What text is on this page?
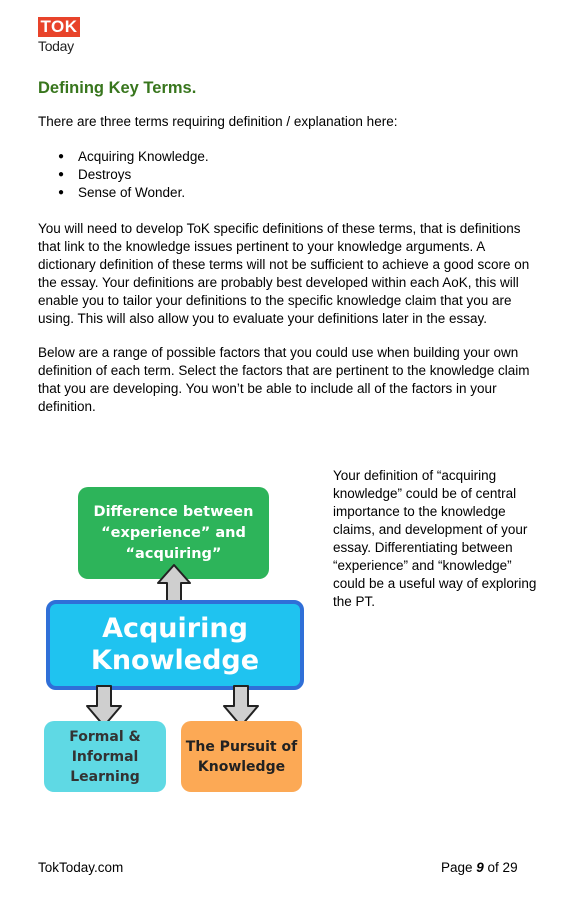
TOK
Today
Defining Key Terms.

There are three terms requiring definition / explanation here:

● Acquiring Knowledge.
● Destroys
● Sense of Wonder.

You will need to develop ToK specific definitions of these terms, that is definitions that link to the knowledge issues pertinent to your knowledge arguments. A dictionary definition of these terms will not be sufficient to achieve a good score on the essay. Your definitions are probably best developed within each AoK, this will enable you to tailor your definitions to the specific knowledge claim that you are using. This will also allow you to evaluate your definitions later in the essay.

Below are a range of possible factors that you could use when building your own definition of each term. Select the factors that are pertinent to the knowledge claim that you are developing. You won’t be able to include all of the factors in your definition.

Your definition of “acquiring knowledge” could be of central importance to the knowledge claims, and development of your essay. Differentiating between “experience” and “knowledge” could be a useful way of exploring the PT.

Difference between
“experience” and
“acquiring”
Acquiring
Knowledge
Formal &
Informal
Learning
The Pursuit of
Knowledge

TokToday.com	Page 9 of 29
